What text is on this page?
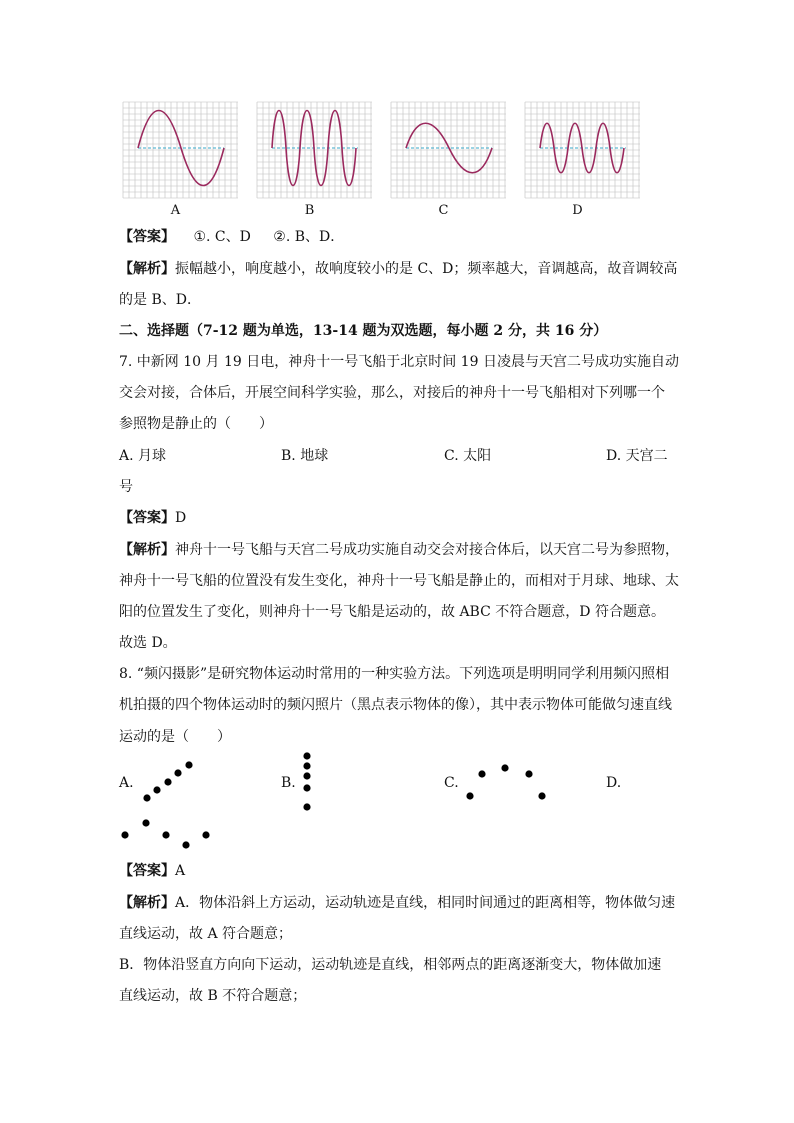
A	B	C	D
【答案】 ①. C、D ②. B、D．
【解析】振幅越小，响度越小，故响度较小的是 C、D；频率越大，音调越高，故音调较高
的是 B、D．
二、选择题（7-12 题为单选，13-14 题为双选题，每小题 2 分，共 16 分）
7. 中新网 10 月 19 日电，神舟十一号飞船于北京时间 19 日凌晨与天宫二号成功实施自动
交会对接，合体后，开展空间科学实验，那么，对接后的神舟十一号飞船相对下列哪一个
参照物是静止的（　　）
A. 月球	B. 地球	C. 太阳	D. 天宫二
号
【答案】D
【解析】神舟十一号飞船与天宫二号成功实施自动交会对接合体后，以天宫二号为参照物，
神舟十一号飞船的位置没有发生变化，神舟十一号飞船是静止的，而相对于月球、地球、太
阳的位置发生了变化，则神舟十一号飞船是运动的，故 ABC 不符合题意，D 符合题意。
故选 D。
8. “频闪摄影”是研究物体运动时常用的一种实验方法。下列选项是明明同学利用频闪照相
机拍摄的四个物体运动时的频闪照片（黑点表示物体的像），其中表示物体可能做匀速直线
运动的是（　　）
A.	B.	C.	D.
【答案】A
【解析】A．物体沿斜上方运动，运动轨迹是直线，相同时间通过的距离相等，物体做匀速
直线运动，故 A 符合题意；
B．物体沿竖直方向向下运动，运动轨迹是直线，相邻两点的距离逐渐变大，物体做加速
直线运动，故 B 不符合题意；
